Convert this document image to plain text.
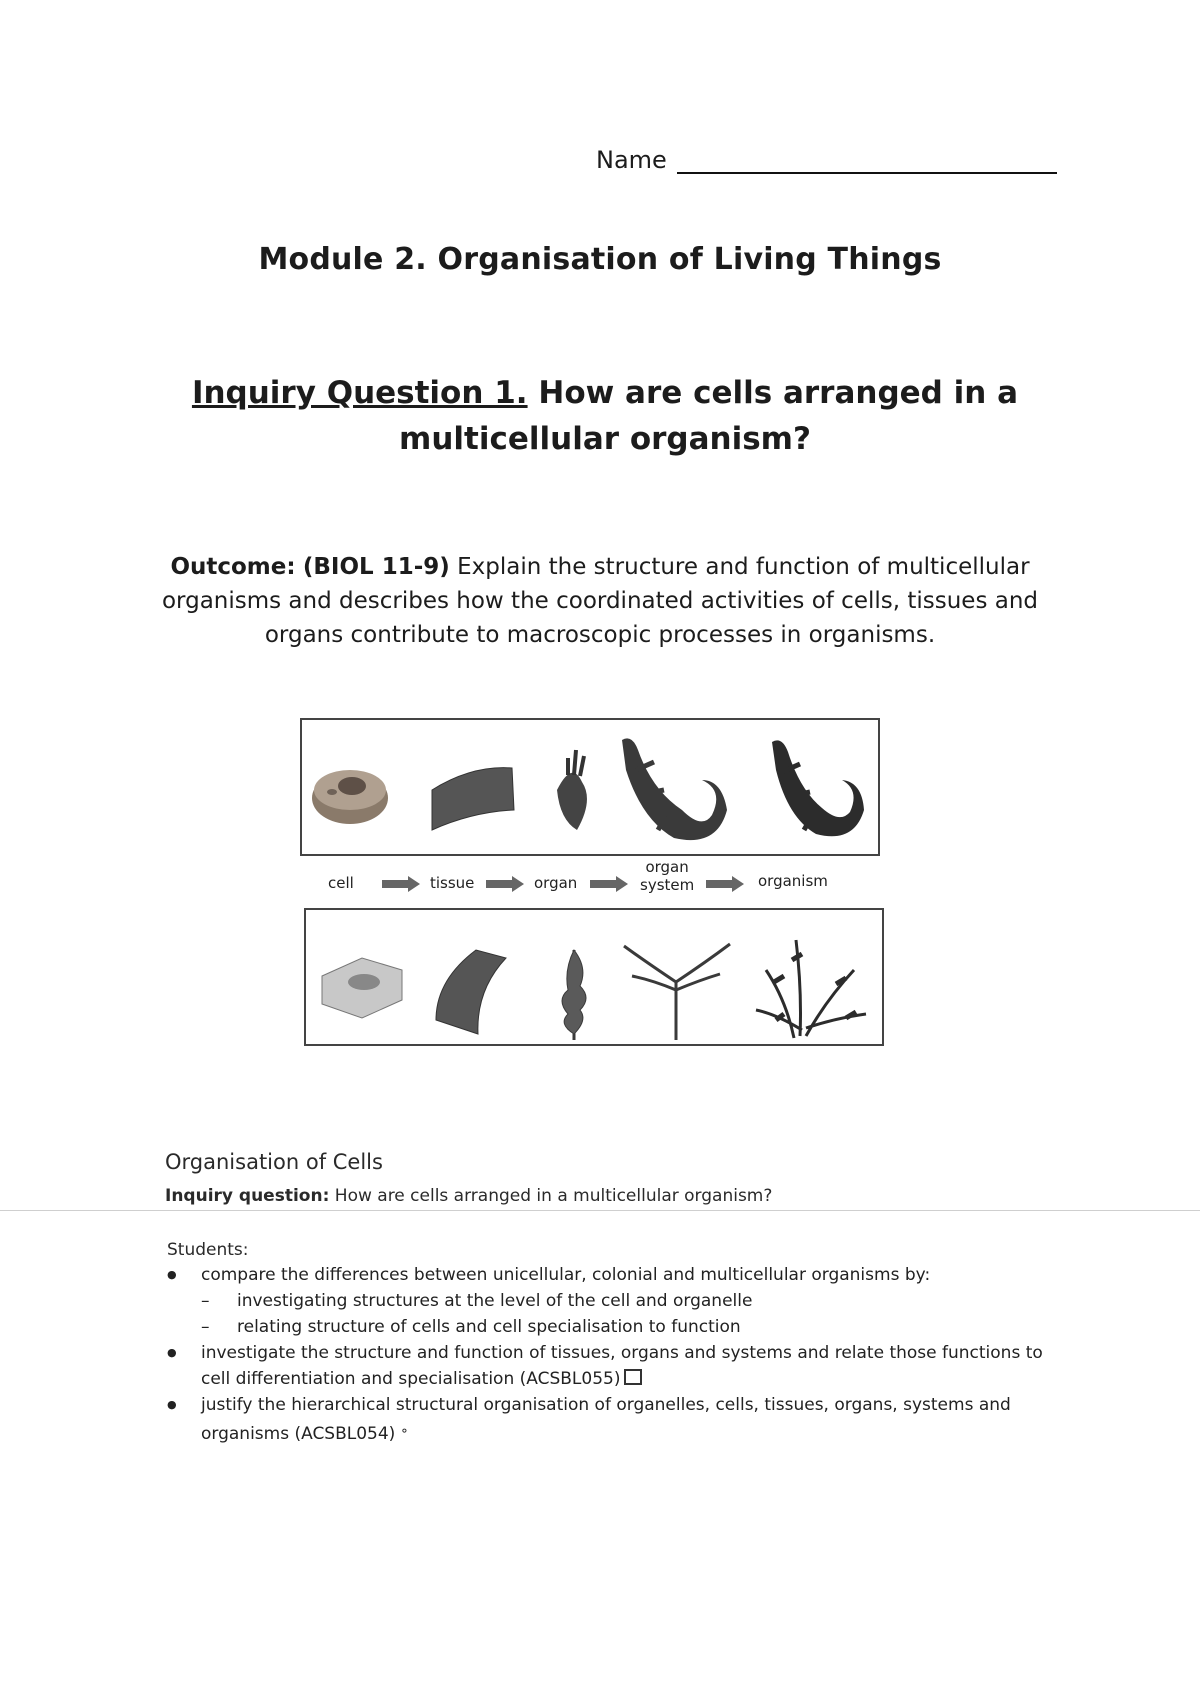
Name
Module 2. Organisation of Living Things
Inquiry Question 1. How are cells arranged in a multicellular organism?
Outcome: (BIOL 11-9) Explain the structure and function of multicellular organisms and describes how the coordinated activities of cells, tissues and organs contribute to macroscopic processes in organisms.
cell	tissue	organ
organ
system	organism
Organisation of Cells
Inquiry question: How are cells arranged in a multicellular organism?
Students:
● compare the differences between unicellular, colonial and multicellular organisms by:
– investigating structures at the level of the cell and organelle
– relating structure of cells and cell specialisation to function
● investigate the structure and function of tissues, organs and systems and relate those functions to cell differentiation and specialisation (ACSBL055)
● justify the hierarchical structural organisation of organelles, cells, tissues, organs, systems and organisms (ACSBL054) ⚬
